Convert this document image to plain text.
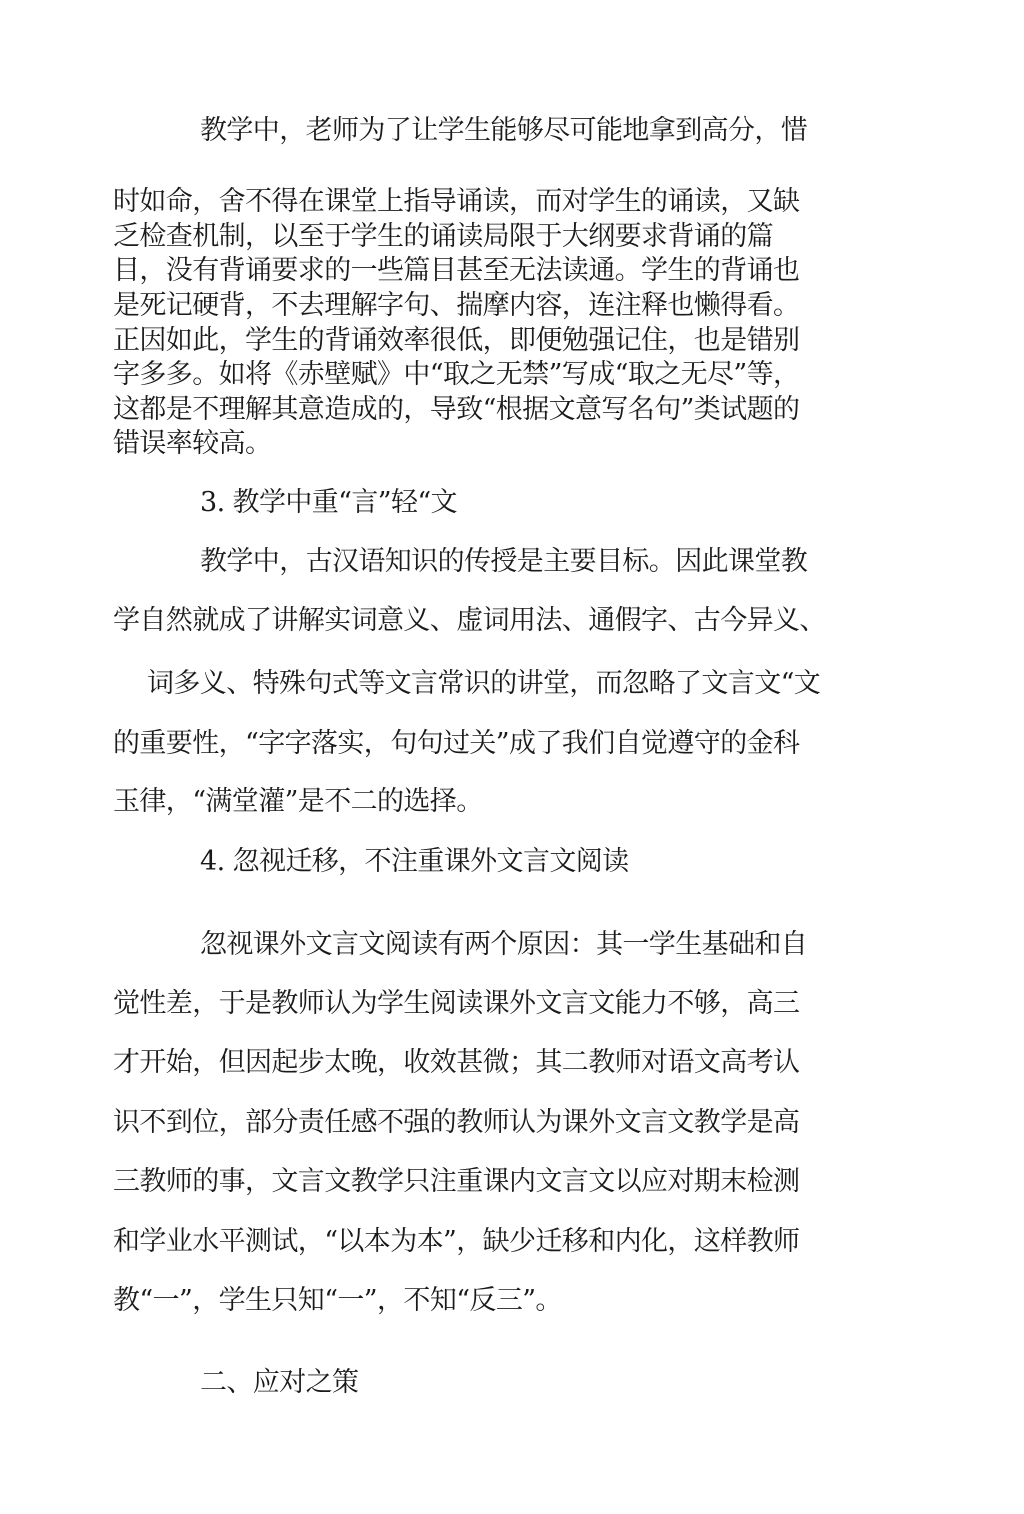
教学中，老师为了让学生能够尽可能地拿到高分，惜
时如命，舍不得在课堂上指导诵读，而对学生的诵读，又缺
乏检查机制，以至于学生的诵读局限于大纲要求背诵的篇
目，没有背诵要求的一些篇目甚至无法读通。学生的背诵也
是死记硬背，不去理解字句、揣摩内容，连注释也懒得看。
正因如此，学生的背诵效率很低，即便勉强记住，也是错别
字多多。如将《赤壁赋》中“取之无禁”写成“取之无尽”等，
这都是不理解其意造成的，导致“根据文意写名句”类试题的
错误率较高。
3. 教学中重“言”轻“文
教学中，古汉语知识的传授是主要目标。因此课堂教
学自然就成了讲解实词意义、虚词用法、通假字、古今异义、
词多义、特殊句式等文言常识的讲堂，而忽略了文言文“文
的重要性，“字字落实，句句过关”成了我们自觉遵守的金科
玉律，“满堂灌”是不二的选择。
4. 忽视迁移，不注重课外文言文阅读
忽视课外文言文阅读有两个原因：其一学生基础和自
觉性差，于是教师认为学生阅读课外文言文能力不够，高三
才开始，但因起步太晚，收效甚微；其二教师对语文高考认
识不到位，部分责任感不强的教师认为课外文言文教学是高
三教师的事，文言文教学只注重课内文言文以应对期末检测
和学业水平测试，“以本为本”，缺少迁移和内化，这样教师
教“一”，学生只知“一”，不知“反三”。
二、应对之策
